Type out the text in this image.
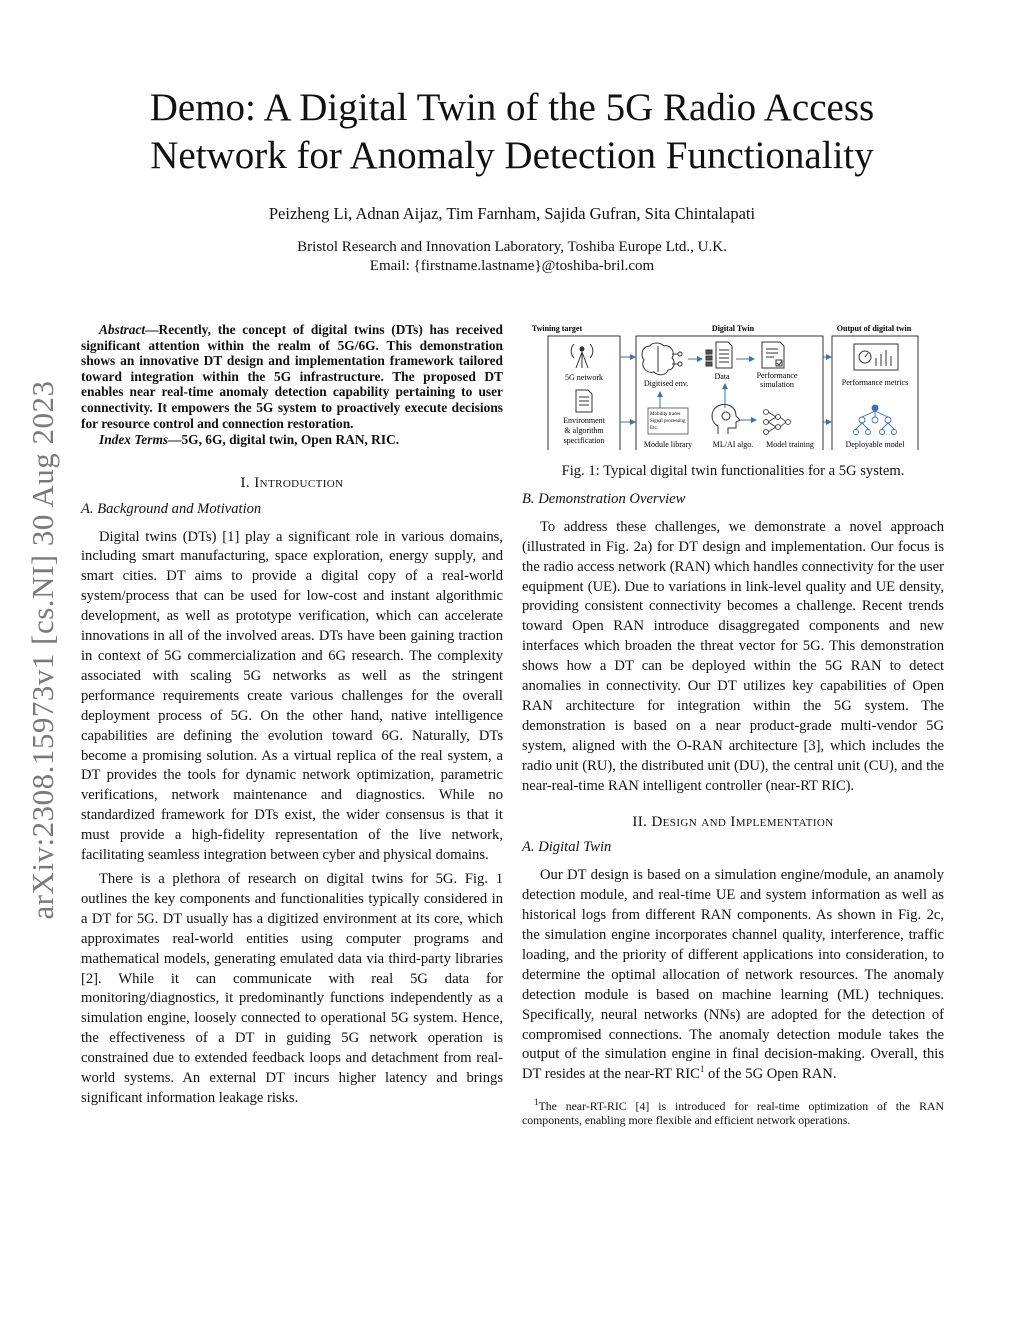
arXiv:2308.15973v1 [cs.NI] 30 Aug 2023
Demo: A Digital Twin of the 5G Radio Access
Network for Anomaly Detection Functionality
Peizheng Li, Adnan Aijaz, Tim Farnham, Sajida Gufran, Sita Chintalapati
Bristol Research and Innovation Laboratory, Toshiba Europe Ltd., U.K.
Email: {firstname.lastname}@toshiba-bril.com

Abstract—Recently, the concept of digital twins (DTs) has received significant attention within the realm of 5G/6G. This demonstration shows an innovative DT design and implementation framework tailored toward integration within the 5G infrastructure. The proposed DT enables near real-time anomaly detection capability pertaining to user connectivity. It empowers the 5G system to proactively execute decisions for resource control and connection restoration.

Index Terms—5G, 6G, digital twin, Open RAN, RIC.

I. Introduction
A. Background and Motivation

Digital twins (DTs) [1] play a significant role in various domains, including smart manufacturing, space exploration, energy supply, and smart cities. DT aims to provide a digital copy of a real-world system/process that can be used for low-cost and instant algorithmic development, as well as prototype verification, which can accelerate innovations in all of the involved areas. DTs have been gaining traction in context of 5G commercialization and 6G research. The complexity associated with scaling 5G networks as well as the stringent performance requirements create various challenges for the overall deployment process of 5G. On the other hand, native intelligence capabilities are defining the evolution toward 6G. Naturally, DTs become a promising solution. As a virtual replica of the real system, a DT provides the tools for dynamic network optimization, parametric verifications, network maintenance and diagnostics. While no standardized framework for DTs exist, the wider consensus is that it must provide a high-fidelity representation of the live network, facilitating seamless integration between cyber and physical domains.

There is a plethora of research on digital twins for 5G. Fig. 1 outlines the key components and functionalities typically considered in a DT for 5G. DT usually has a digitized environment at its core, which approximates real-world entities using computer programs and mathematical models, generating emulated data via third-party libraries [2]. While it can communicate with real 5G data for monitoring/diagnostics, it predominantly functions independently as a simulation engine, loosely connected to operational 5G system. Hence, the effectiveness of a DT in guiding 5G network operation is constrained due to extended feedback loops and detachment from real-world systems. An external DT incurs higher latency and brings significant information leakage risks.

Twining target	Digital Twin	Output of digital twin
5G network
Environment
& algorithm
specification
Digitised env.
Data	Performance
simulation
Mobility traces
Signal processing
Etc.
Module library	ML/AI algo. Model training
Performance metrics
Deployable model
Fig. 1: Typical digital twin functionalities for a 5G system.
B. Demonstration Overview

To address these challenges, we demonstrate a novel approach (illustrated in Fig. 2a) for DT design and implementation. Our focus is the radio access network (RAN) which handles connectivity for the user equipment (UE). Due to variations in link-level quality and UE density, providing consistent connectivity becomes a challenge. Recent trends toward Open RAN introduce disaggregated components and new interfaces which broaden the threat vector for 5G. This demonstration shows how a DT can be deployed within the 5G RAN to detect anomalies in connectivity. Our DT utilizes key capabilities of Open RAN architecture for integration within the 5G system. The demonstration is based on a near product-grade multi-vendor 5G system, aligned with the O-RAN architecture [3], which includes the radio unit (RU), the distributed unit (DU), the central unit (CU), and the near-real-time RAN intelligent controller (near-RT RIC).

II. Design and Implementation
A. Digital Twin

Our DT design is based on a simulation engine/module, an anamoly detection module, and real-time UE and system information as well as historical logs from different RAN components. As shown in Fig. 2c, the simulation engine incorporates channel quality, interference, traffic loading, and the priority of different applications into consideration, to determine the optimal allocation of network resources. The anomaly detection module is based on machine learning (ML) techniques. Specifically, neural networks (NNs) are adopted for the detection of compromised connections. The anomaly detection module takes the output of the simulation engine in final decision-making. Overall, this DT resides at the near-RT RIC$^1$ of the 5G Open RAN.

$^1$The near-RT-RIC [4] is introduced for real-time optimization of the RAN components, enabling more flexible and efficient network operations.
